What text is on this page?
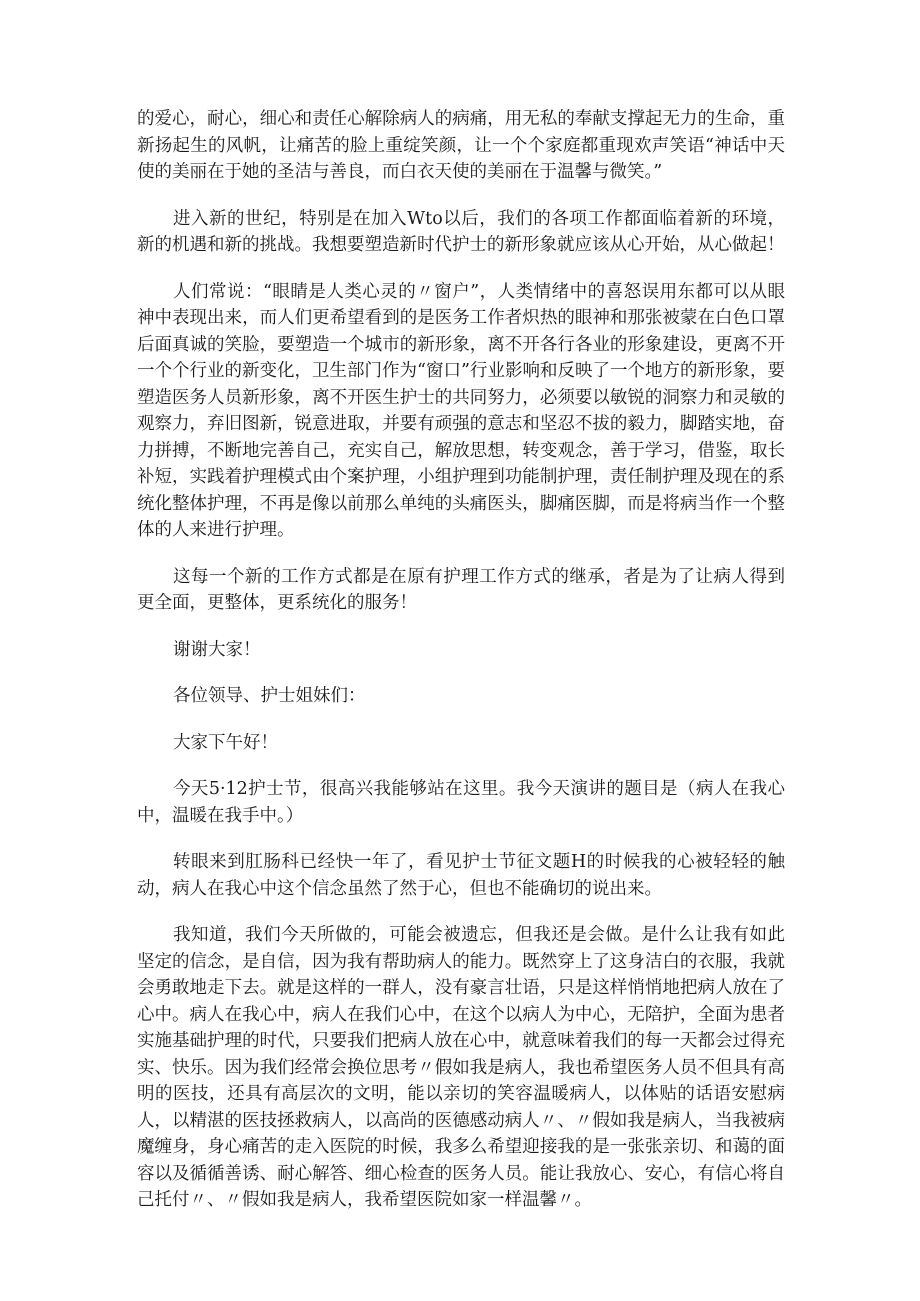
的爱心，耐心，细心和责任心解除病人的病痛，用无私的奉献支撑起无力的生命，重新扬起生的风帆，让痛苦的脸上重绽笑颜，让一个个家庭都重现欢声笑语“神话中天使的美丽在于她的圣洁与善良，而白衣天使的美丽在于温馨与微笑。”

进入新的世纪，特别是在加入Wto以后，我们的各项工作都面临着新的环境，新的机遇和新的挑战。我想要塑造新时代护士的新形象就应该从心开始，从心做起！

人们常说：“眼睛是人类心灵的〃窗户”，人类情绪中的喜怒误用东都可以从眼神中表现出来，而人们更希望看到的是医务工作者炽热的眼神和那张被蒙在白色口罩后面真诚的笑脸，要塑造一个城市的新形象，离不开各行各业的形象建设，更离不开一个个行业的新变化，卫生部门作为“窗口”行业影响和反映了一个地方的新形象，要塑造医务人员新形象，离不开医生护士的共同努力，必须要以敏锐的洞察力和灵敏的观察力，弃旧图新，锐意进取，并要有顽强的意志和坚忍不拔的毅力，脚踏实地，奋力拼搏，不断地完善自己，充实自己，解放思想，转变观念，善于学习，借鉴，取长补短，实践着护理模式由个案护理，小组护理到功能制护理，责任制护理及现在的系统化整体护理，不再是像以前那么单纯的头痛医头，脚痛医脚，而是将病当作一个整体的人来进行护理。

这每一个新的工作方式都是在原有护理工作方式的继承，者是为了让病人得到更全面，更整体，更系统化的服务！

谢谢大家！

各位领导、护士姐妹们：

大家下午好！

今天5·12护士节，很高兴我能够站在这里。我今天演讲的题目是（病人在我心中，温暖在我手中。）

转眼来到肛肠科已经快一年了，看见护士节征文题H的时候我的心被轻轻的触动，病人在我心中这个信念虽然了然于心，但也不能确切的说出来。

我知道，我们今天所做的，可能会被遗忘，但我还是会做。是什么让我有如此坚定的信念，是自信，因为我有帮助病人的能力。既然穿上了这身洁白的衣服，我就会勇敢地走下去。就是这样的一群人，没有豪言壮语，只是这样悄悄地把病人放在了心中。病人在我心中，病人在我们心中，在这个以病人为中心，无陪护，全面为患者实施基础护理的时代，只要我们把病人放在心中，就意味着我们的每一天都会过得充实、快乐。因为我们经常会换位思考〃假如我是病人，我也希望医务人员不但具有高明的医技，还具有高层次的文明，能以亲切的笑容温暖病人，以体贴的话语安慰病人，以精湛的医技拯救病人，以高尚的医德感动病人〃、〃假如我是病人，当我被病魔缠身，身心痛苦的走入医院的时候，我多么希望迎接我的是一张张亲切、和蔼的面容以及循循善诱、耐心解答、细心检查的医务人员。能让我放心、安心，有信心将自己托付〃、〃假如我是病人，我希望医院如家一样温馨〃。
